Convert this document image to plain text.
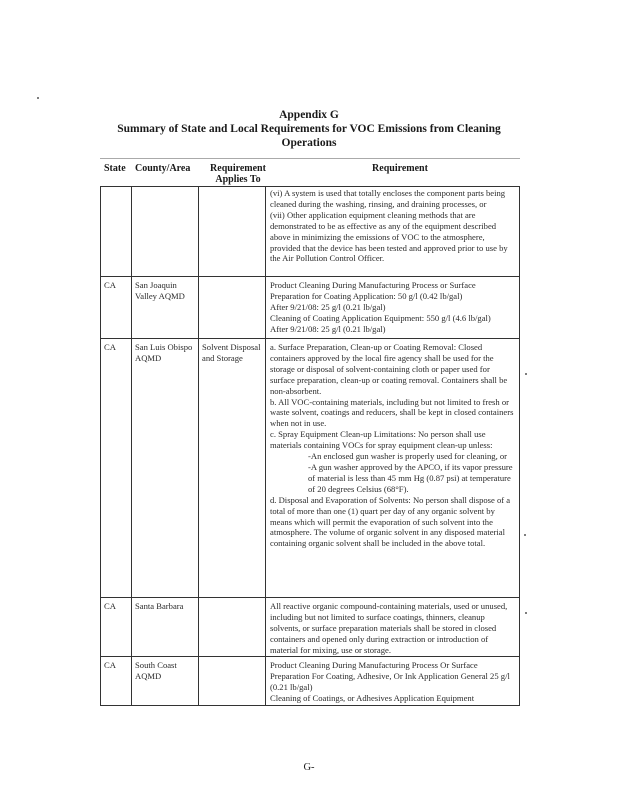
Appendix G
Summary of State and Local Requirements for VOC Emissions from Cleaning
Operations
State County/Area	Requirement Applies To
Requirement

(vi) A system is used that totally encloses the component parts being cleaned during the washing, rinsing, and draining processes, or

(vii) Other application equipment cleaning methods that are demonstrated to be as effective as any of the equipment described above in minimizing the emissions of VOC to the atmosphere, provided that the device has been tested and approved prior to use by the Air Pollution Control Officer.

CA San Joaquin Valley AQMD

Product Cleaning During Manufacturing Process or Surface Preparation for Coating Application: 50 g/l (0.42 lb/gal)

After 9/21/08: 25 g/l (0.21 lb/gal)

Cleaning of Coating Application Equipment: 550 g/l (4.6 lb/gal)

After 9/21/08: 25 g/l (0.21 lb/gal)

CA San Luis Obispo AQMD
Solvent Disposal and Storage

a. Surface Preparation, Clean-up or Coating Removal: Closed containers approved by the local fire agency shall be used for the storage or disposal of solvent-containing cloth or paper used for surface preparation, clean-up or coating removal. Containers shall be non-absorbent.

b. All VOC-containing materials, including but not limited to fresh or waste solvent, coatings and reducers, shall be kept in closed containers when not in use.

c. Spray Equipment Clean-up Limitations: No person shall use materials containing VOCs for spray equipment clean-up unless:

-An enclosed gun washer is properly used for cleaning, or

-A gun washer approved by the APCO, if its vapor pressure of material is less than 45 mm Hg (0.87 psi) at temperature of 20 degrees Celsius (68°F).

d. Disposal and Evaporation of Solvents: No person shall dispose of a total of more than one (1) quart per day of any organic solvent by means which will permit the evaporation of such solvent into the atmosphere. The volume of organic solvent in any disposed material containing organic solvent shall be included in the above total.

CA Santa Barbara	All reactive organic compound-containing materials, used or unused, including but not limited to surface coatings, thinners, cleanup solvents, or surface preparation materials shall be stored in closed containers and opened only during extraction or introduction of material for mixing, use or storage.

CA South Coast AQMD

Product Cleaning During Manufacturing Process Or Surface Preparation For Coating, Adhesive, Or Ink Application General 25 g/l (0.21 lb/gal)

Cleaning of Coatings, or Adhesives Application Equipment

G-
